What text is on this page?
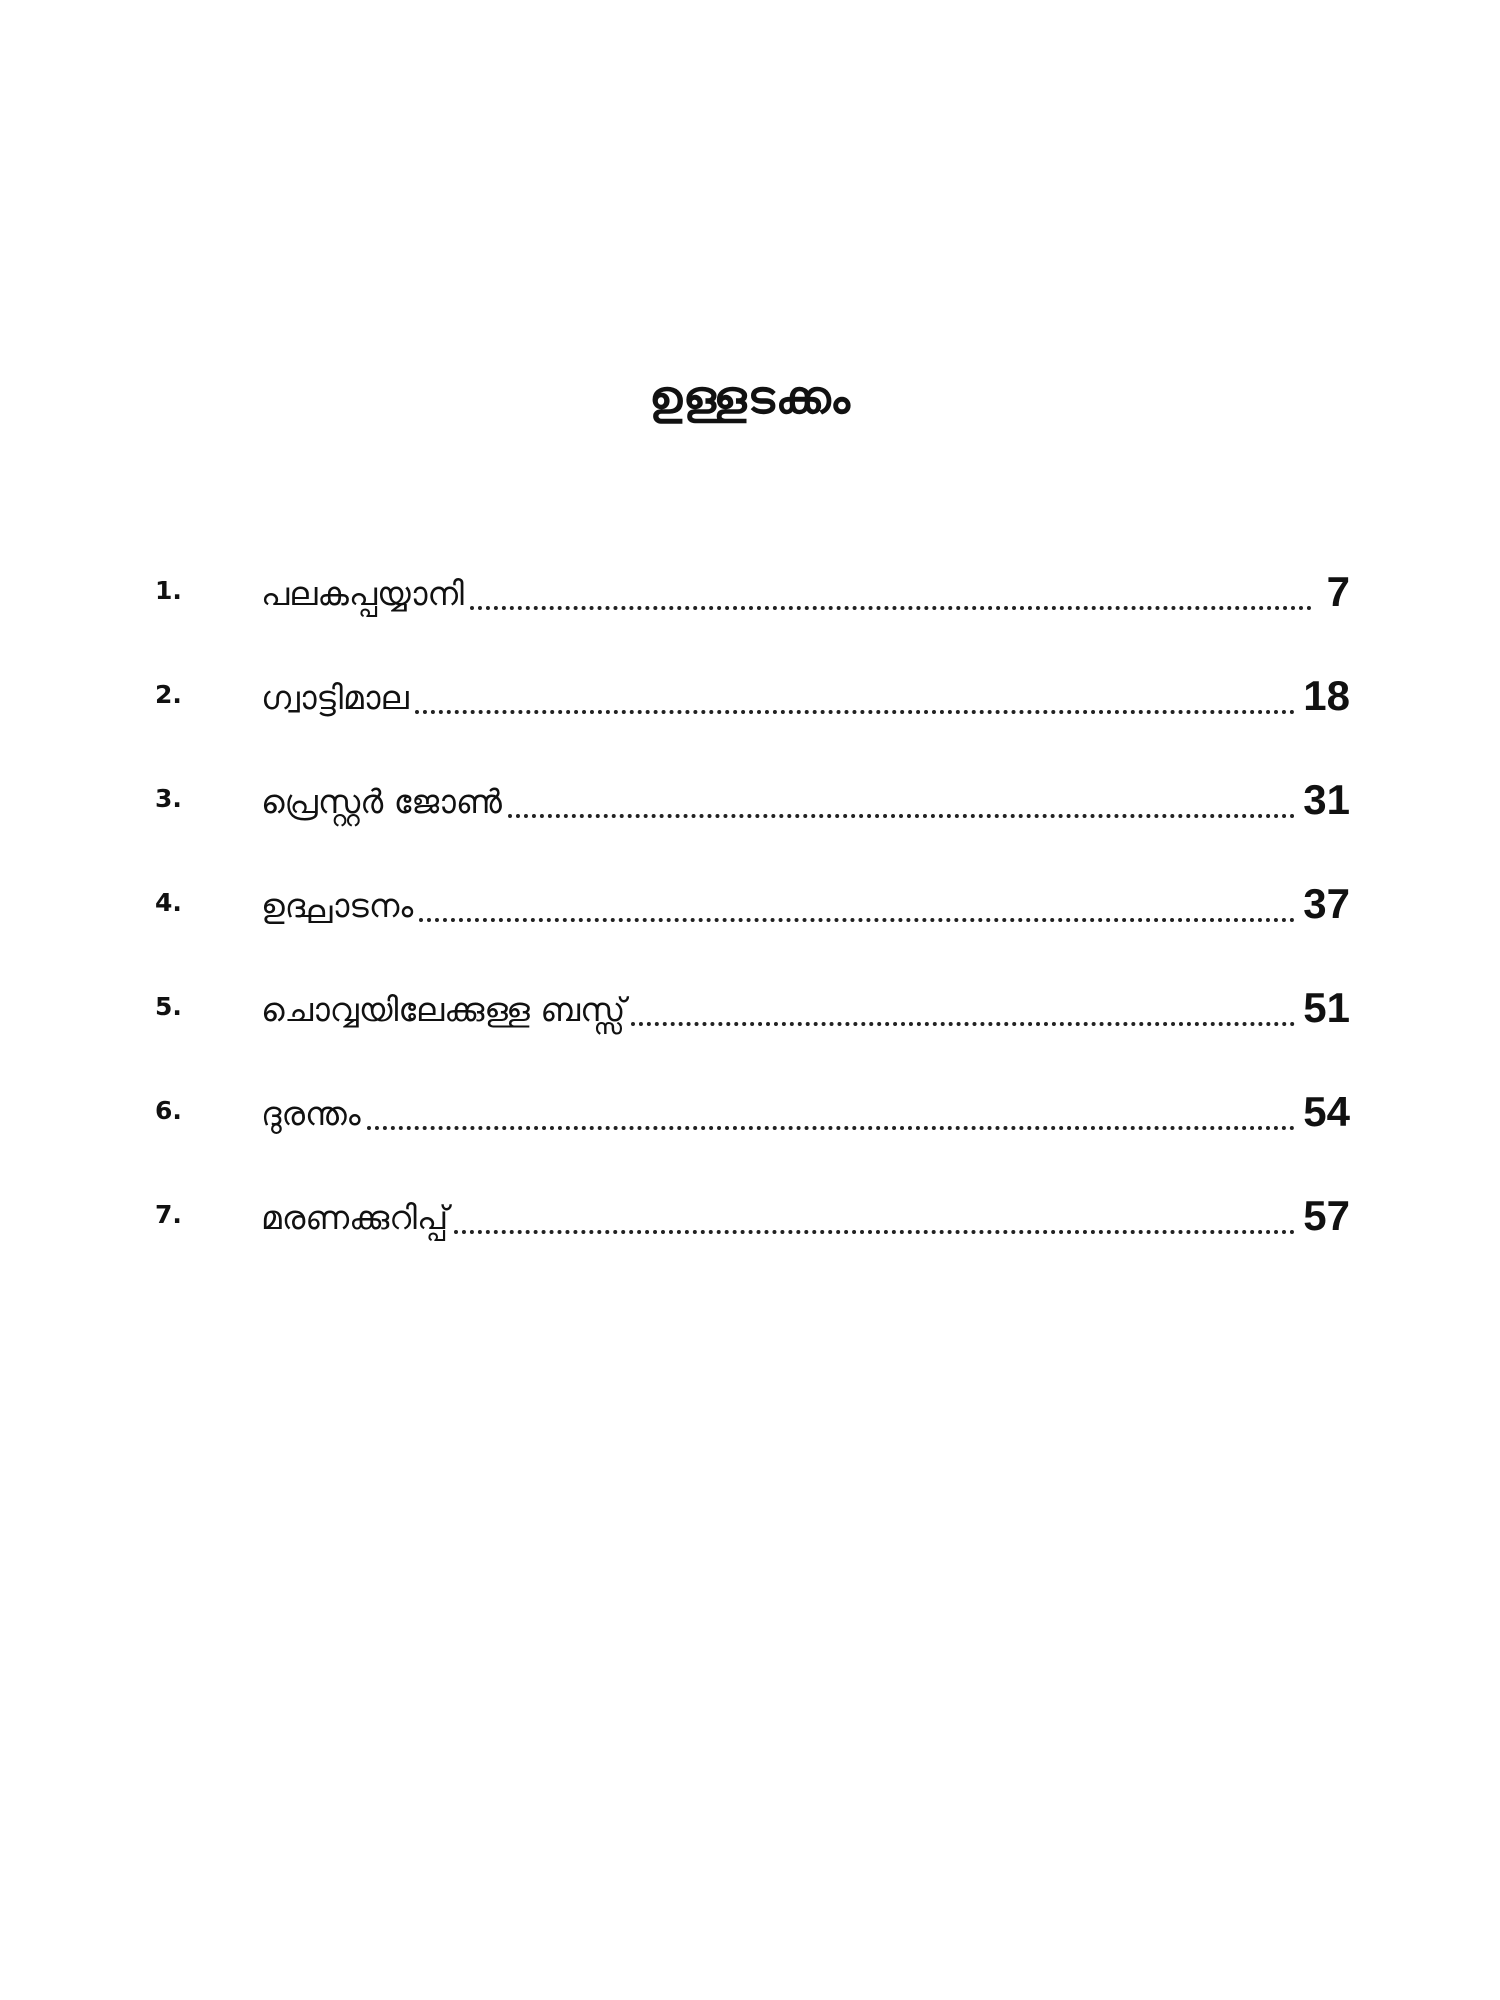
ഉള്ളടക്കം
1.	പലകപ്പയ്യാനി	7
2.	ഗ്വാട്ടിമാല	18
3.	പ്രെസ്റ്റർ ജോൺ	31
4.	ഉദ്ഘാടനം	37
5.	ചൊവ്വയിലേക്കുള്ള ബസ്സ്	51
6.	ദുരന്തം	54
7.	മരണക്കുറിപ്പ്	57
